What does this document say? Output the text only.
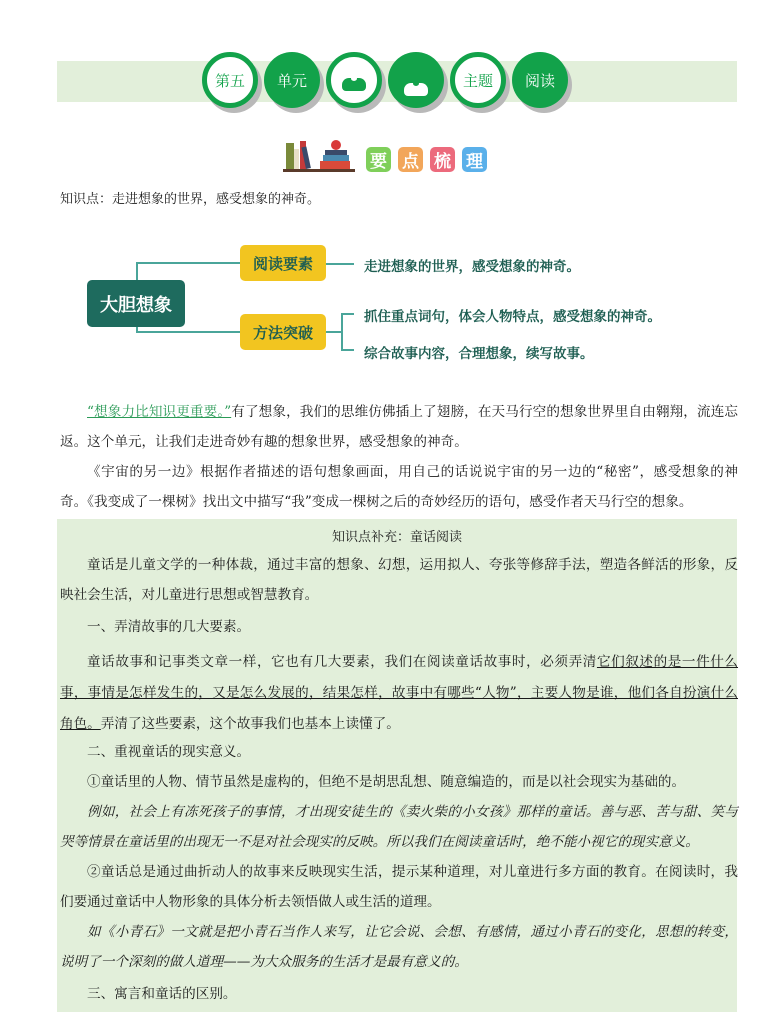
第五 单元	主题 阅读
要 点 梳 理
知识点：走进想象的世界，感受想象的神奇。
大胆想象
阅读要素
方法突破
走进想象的世界，感受想象的神奇。
抓住重点词句，体会人物特点，感受想象的神奇。
综合故事内容，合理想象，续写故事。
“想象力比知识更重要。”有了想象，我们的思维仿佛插上了翅膀，在天马行空的想象世界里自由翱翔，流连忘返。这个单元，让我们走进奇妙有趣的想象世界，感受想象的神奇。
《宇宙的另一边》根据作者描述的语句想象画面，用自己的话说说宇宙的另一边的“秘密”，感受想象的神奇。《我变成了一棵树》找出文中描写“我”变成一棵树之后的奇妙经历的语句，感受作者天马行空的想象。
知识点补充：童话阅读
童话是儿童文学的一种体裁，通过丰富的想象、幻想，运用拟人、夸张等修辞手法，塑造各鲜活的形象，反映社会生活，对儿童进行思想或智慧教育。
一、弄清故事的几大要素。
童话故事和记事类文章一样，它也有几大要素，我们在阅读童话故事时，必须弄清它们叙述的是一件什么事，事情是怎样发生的，又是怎么发展的，结果怎样，故事中有哪些“人物”，主要人物是谁，他们各自扮演什么角色。弄清了这些要素，这个故事我们也基本上读懂了。
二、重视童话的现实意义。
①童话里的人物、情节虽然是虚构的，但绝不是胡思乱想、随意编造的，而是以社会现实为基础的。
例如，社会上有冻死孩子的事情，才出现安徒生的《卖火柴的小女孩》那样的童话。善与恶、苦与甜、笑与哭等情景在童话里的出现无一不是对社会现实的反映。所以我们在阅读童话时，绝不能小视它的现实意义。
②童话总是通过曲折动人的故事来反映现实生活，提示某种道理，对儿童进行多方面的教育。在阅读时，我们要通过童话中人物形象的具体分析去领悟做人或生活的道理。
如《小青石》一文就是把小青石当作人来写，让它会说、会想、有感情，通过小青石的变化，思想的转变，说明了一个深刻的做人道理——为大众服务的生活才是最有意义的。
三、寓言和童话的区别。
